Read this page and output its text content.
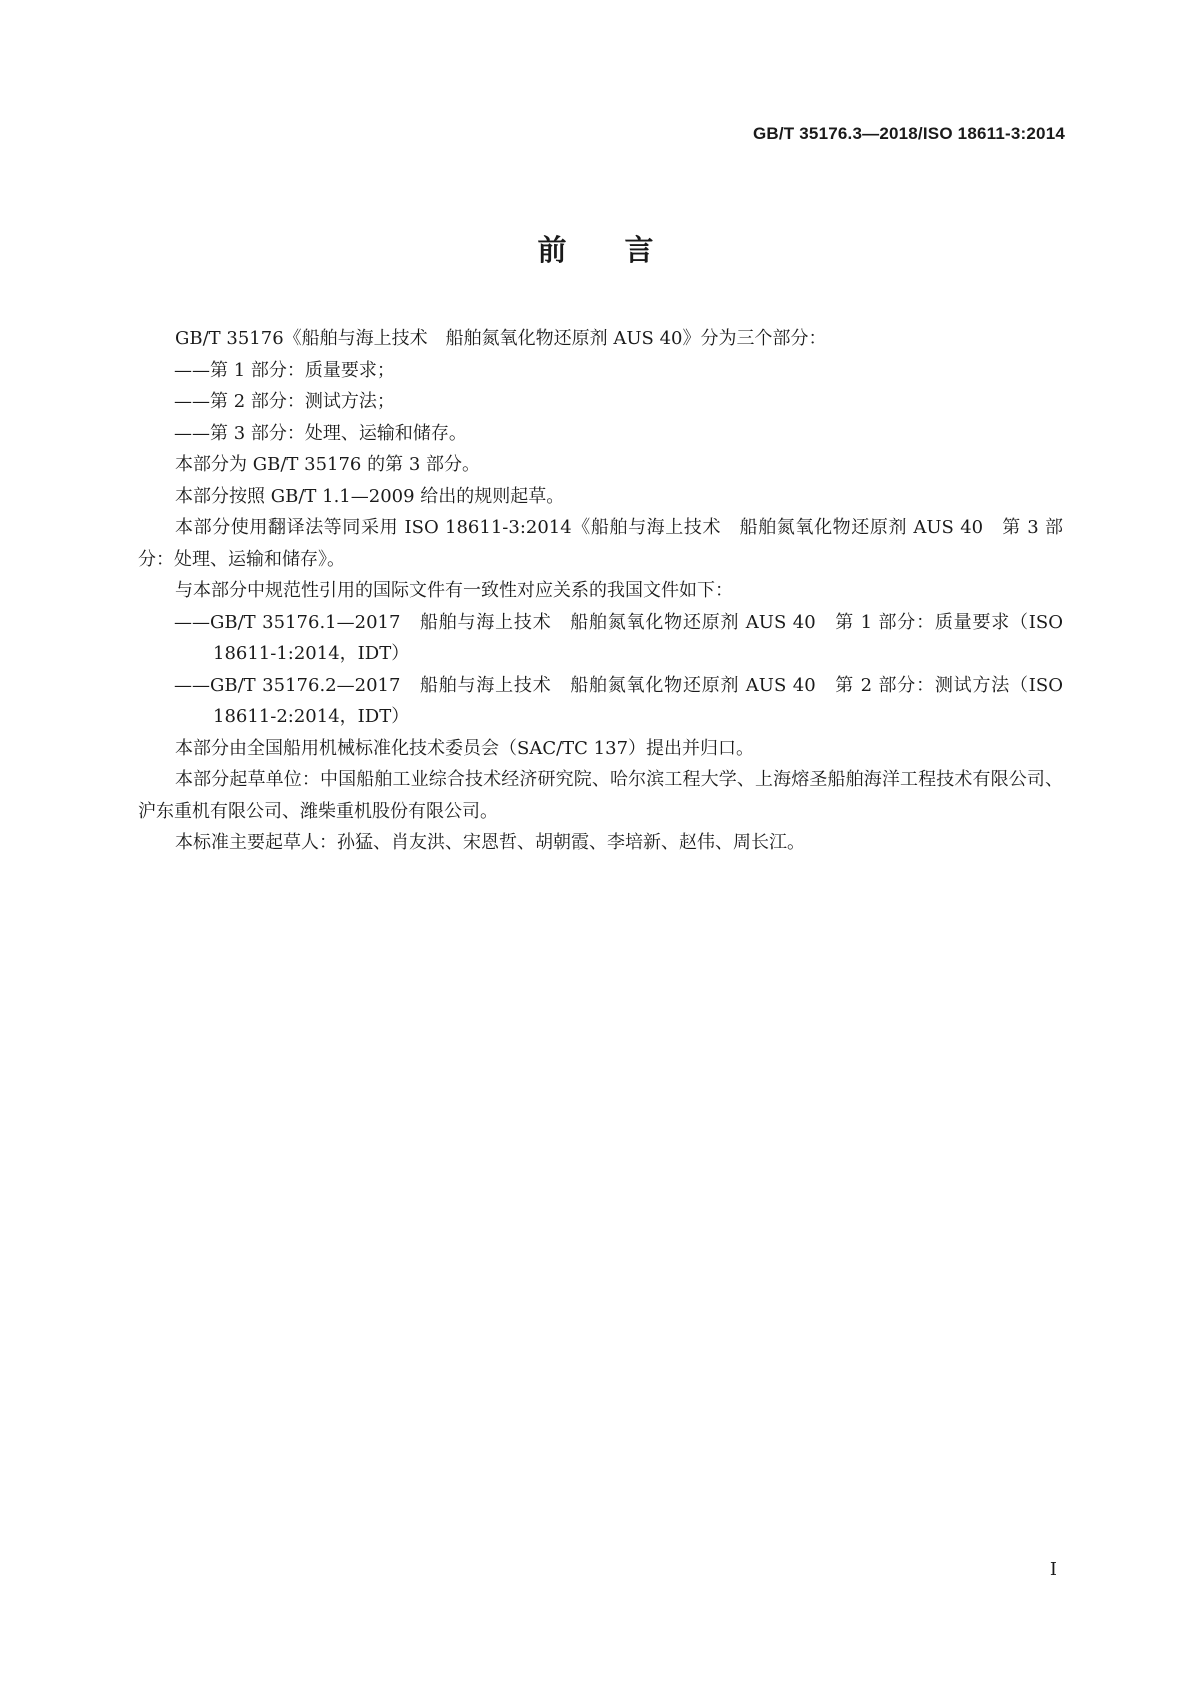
GB/T 35176.3—2018/ISO 18611-3:2014
前言

GB/T 35176《船舶与海上技术　船舶氮氧化物还原剂 AUS 40》分为三个部分：

——第 1 部分：质量要求；

——第 2 部分：测试方法；

——第 3 部分：处理、运输和储存。

本部分为 GB/T 35176 的第 3 部分。

本部分按照 GB/T 1.1—2009 给出的规则起草。

本部分使用翻译法等同采用 ISO 18611-3:2014《船舶与海上技术　船舶氮氧化物还原剂 AUS 40　第 3 部分：处理、运输和储存》。

与本部分中规范性引用的国际文件有一致性对应关系的我国文件如下：

——GB/T 35176.1—2017　船舶与海上技术　船舶氮氧化物还原剂 AUS 40　第 1 部分：质量要求（ISO 18611-1:2014，IDT）

——GB/T 35176.2—2017　船舶与海上技术　船舶氮氧化物还原剂 AUS 40　第 2 部分：测试方法（ISO 18611-2:2014，IDT）

本部分由全国船用机械标准化技术委员会（SAC/TC 137）提出并归口。

本部分起草单位：中国船舶工业综合技术经济研究院、哈尔滨工程大学、上海熔圣船舶海洋工程技术有限公司、沪东重机有限公司、潍柴重机股份有限公司。

本标准主要起草人：孙猛、肖友洪、宋恩哲、胡朝霞、李培新、赵伟、周长江。

I
